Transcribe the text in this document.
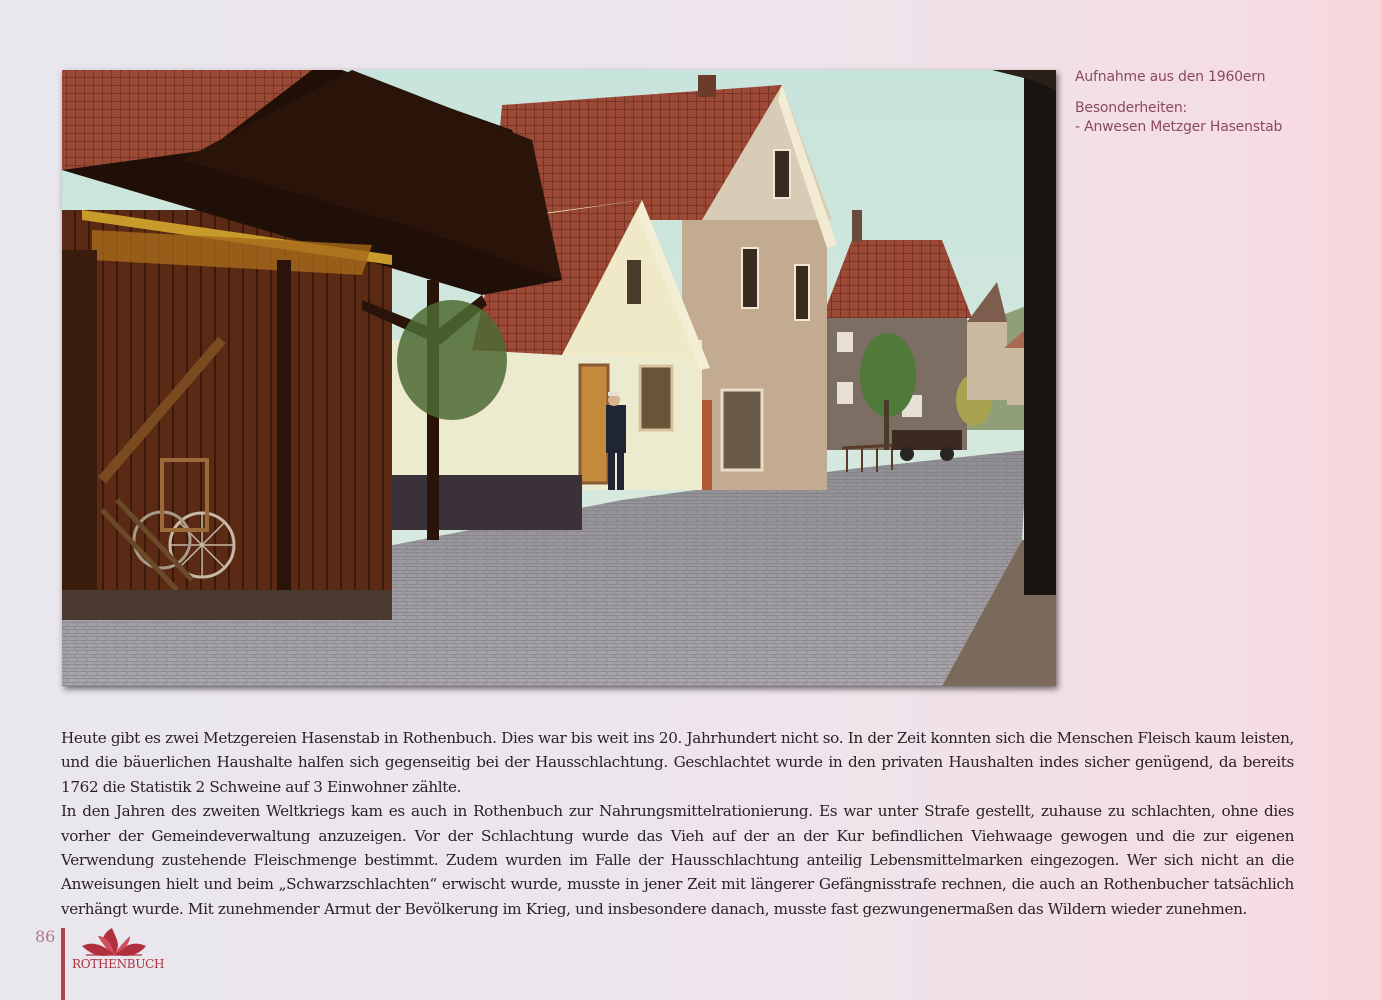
Aufnahme aus den 1960ern
Besonderheiten:
- Anwesen Metzger Hasenstab

Heute gibt es zwei Metzgereien Hasenstab in Rothenbuch. Dies war bis weit ins 20. Jahrhundert nicht so. In der Zeit konnten sich die Menschen Fleisch kaum leisten, und die bäuerlichen Haushalte halfen sich gegenseitig bei der Hausschlachtung. Geschlachtet wurde in den privaten Haushalten indes sicher genügend, da bereits 1762 die Statistik 2 Schweine auf 3 Einwohner zählte.

In den Jahren des zweiten Weltkriegs kam es auch in Rothenbuch zur Nahrungsmittelrationierung. Es war unter Strafe gestellt, zuhause zu schlachten, ohne dies vorher der Gemeindeverwaltung anzuzeigen. Vor der Schlachtung wurde das Vieh auf der an der Kur befindlichen Viehwaage gewogen und die zur eigenen Verwendung zustehende Fleischmenge bestimmt. Zudem wurden im Falle der Hausschlachtung anteilig Lebensmittelmarken eingezogen. Wer sich nicht an die Anweisungen hielt und beim „Schwarzschlachten“ erwischt wurde, musste in jener Zeit mit längerer Gefängnisstrafe rechnen, die auch an Rothenbucher tatsächlich verhängt wurde. Mit zunehmender Armut der Bevölkerung im Krieg, und insbesondere danach, musste fast gezwungenermaßen das Wildern wieder zunehmen.

86
ROTHENBUCH
